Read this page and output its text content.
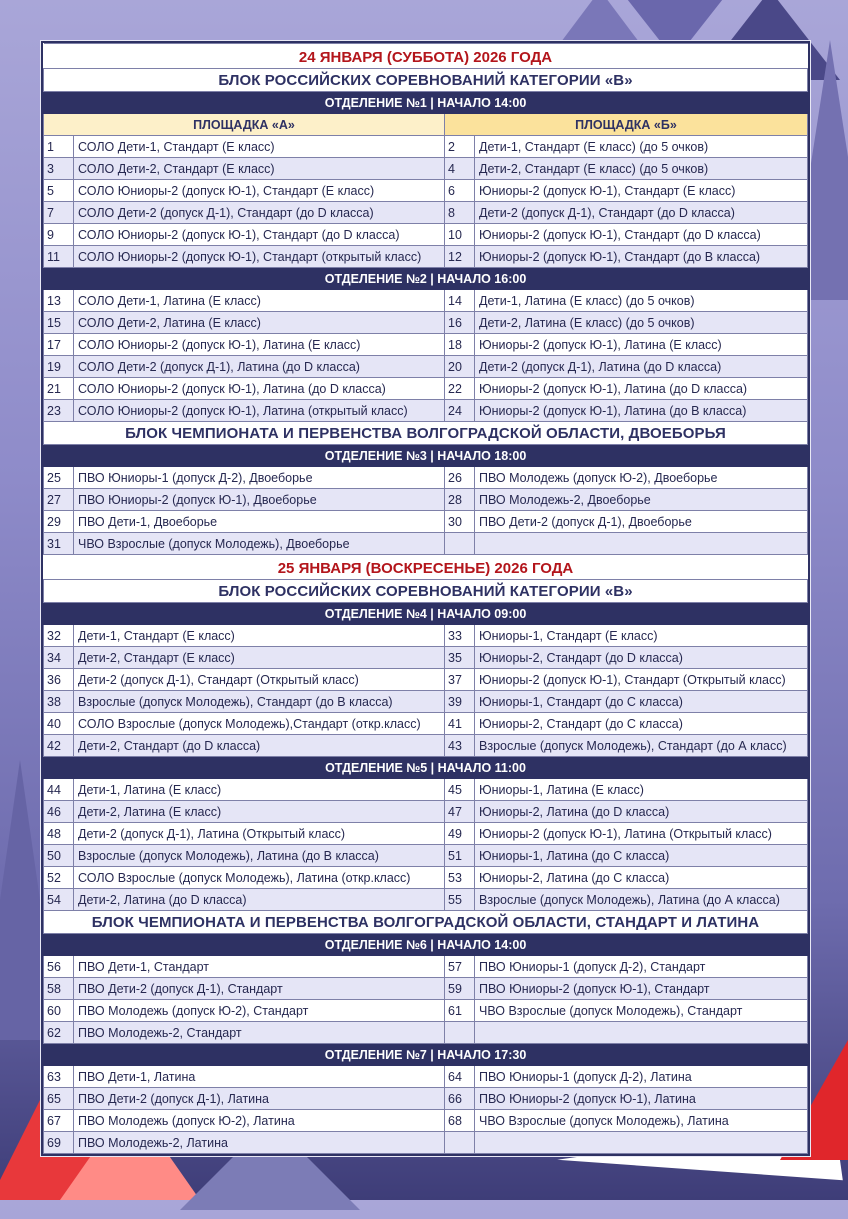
24 ЯНВАРЯ (СУББОТА) 2026 ГОДА			
БЛОК РОССИЙСКИХ СОРЕВНОВАНИЙ КАТЕГОРИИ «В»			
ОТДЕЛЕНИЕ №1 | НАЧАЛО 14:00			
ПЛОЩАДКА «А»		ПЛОЩАДКА «Б»	
1	СОЛО Дети-1, Стандарт (Е класс)	2	Дети-1, Стандарт (Е класс) (до 5 очков)
3	СОЛО Дети-2, Стандарт (Е класс)	4	Дети-2, Стандарт (Е класс) (до 5 очков)
5	СОЛО Юниоры-2 (допуск Ю-1), Стандарт (Е класс)	6	Юниоры-2 (допуск Ю-1), Стандарт (Е класс)
7	СОЛО Дети-2 (допуск Д-1), Стандарт (до D класса)	8	Дети-2 (допуск Д-1), Стандарт (до D класса)
9	СОЛО Юниоры-2 (допуск Ю-1), Стандарт (до D класса)	10	Юниоры-2 (допуск Ю-1), Стандарт (до D класса)
11	СОЛО Юниоры-2 (допуск Ю-1), Стандарт (открытый класс)	12	Юниоры-2 (допуск Ю-1), Стандарт (до В класса)
ОТДЕЛЕНИЕ №2 | НАЧАЛО 16:00			
13	СОЛО Дети-1, Латина (Е класс)	14	Дети-1, Латина (Е класс) (до 5 очков)
15	СОЛО Дети-2, Латина (Е класс)	16	Дети-2, Латина (Е класс) (до 5 очков)
17	СОЛО Юниоры-2 (допуск Ю-1), Латина (Е класс)	18	Юниоры-2 (допуск Ю-1), Латина (Е класс)
19	СОЛО Дети-2 (допуск Д-1), Латина (до D класса)	20	Дети-2 (допуск Д-1), Латина (до D класса)
21	СОЛО Юниоры-2 (допуск Ю-1), Латина (до D класса)	22	Юниоры-2 (допуск Ю-1), Латина (до D класса)
23	СОЛО Юниоры-2 (допуск Ю-1), Латина (открытый класс)	24	Юниоры-2 (допуск Ю-1), Латина (до В класса)
БЛОК ЧЕМПИОНАТА И ПЕРВЕНСТВА ВОЛГОГРАДСКОЙ ОБЛАСТИ, ДВОЕБОРЬЯ			
ОТДЕЛЕНИЕ №3 | НАЧАЛО 18:00			
25	ПВО Юниоры-1 (допуск Д-2), Двоеборье	26	ПВО Молодежь (допуск Ю-2), Двоеборье
27	ПВО Юниоры-2 (допуск Ю-1), Двоеборье	28	ПВО Молодежь-2, Двоеборье
29	ПВО Дети-1, Двоеборье	30	ПВО Дети-2 (допуск Д-1), Двоеборье
31	ЧВО Взрослые (допуск Молодежь), Двоеборье		
25 ЯНВАРЯ (ВОСКРЕСЕНЬЕ) 2026 ГОДА			
БЛОК РОССИЙСКИХ СОРЕВНОВАНИЙ КАТЕГОРИИ «В»			
ОТДЕЛЕНИЕ №4 | НАЧАЛО 09:00			
32	Дети-1, Стандарт (Е класс)	33	Юниоры-1, Стандарт (Е класс)
34	Дети-2, Стандарт (Е класс)	35	Юниоры-2, Стандарт (до D класса)
36	Дети-2 (допуск Д-1), Стандарт (Открытый класс)	37	Юниоры-2 (допуск Ю-1), Стандарт (Открытый класс)
38	Взрослые (допуск Молодежь), Стандарт (до В класса)	39	Юниоры-1, Стандарт (до С класса)
40	СОЛО Взрослые (допуск Молодежь),Стандарт (откр.класс)	41	Юниоры-2, Стандарт (до С класса)
42	Дети-2, Стандарт (до D класса)	43	Взрослые (допуск Молодежь), Стандарт (до А класс)
ОТДЕЛЕНИЕ №5 | НАЧАЛО 11:00			
44	Дети-1, Латина (Е класс)	45	Юниоры-1, Латина (Е класс)
46	Дети-2, Латина (Е класс)	47	Юниоры-2, Латина (до D класса)
48	Дети-2 (допуск Д-1), Латина (Открытый класс)	49	Юниоры-2 (допуск Ю-1), Латина (Открытый класс)
50	Взрослые (допуск Молодежь), Латина (до В класса)	51	Юниоры-1, Латина (до С класса)
52	СОЛО Взрослые (допуск Молодежь), Латина (откр.класс)	53	Юниоры-2, Латина (до С класса)
54	Дети-2, Латина (до D класса)	55	Взрослые (допуск Молодежь), Латина (до А класса)
БЛОК ЧЕМПИОНАТА И ПЕРВЕНСТВА ВОЛГОГРАДСКОЙ ОБЛАСТИ, СТАНДАРТ И ЛАТИНА			
ОТДЕЛЕНИЕ №6 | НАЧАЛО 14:00			
56	ПВО Дети-1, Стандарт	57	ПВО Юниоры-1 (допуск Д-2), Стандарт
58	ПВО Дети-2 (допуск Д-1), Стандарт	59	ПВО Юниоры-2 (допуск Ю-1), Стандарт
60	ПВО Молодежь (допуск Ю-2), Стандарт	61	ЧВО Взрослые (допуск Молодежь), Стандарт
62	ПВО Молодежь-2, Стандарт		
ОТДЕЛЕНИЕ №7 | НАЧАЛО 17:30			
63	ПВО Дети-1, Латина	64	ПВО Юниоры-1 (допуск Д-2), Латина
65	ПВО Дети-2 (допуск Д-1), Латина	66	ПВО Юниоры-2 (допуск Ю-1), Латина
67	ПВО Молодежь (допуск Ю-2), Латина	68	ЧВО Взрослые (допуск Молодежь), Латина
69	ПВО Молодежь-2, Латина		
